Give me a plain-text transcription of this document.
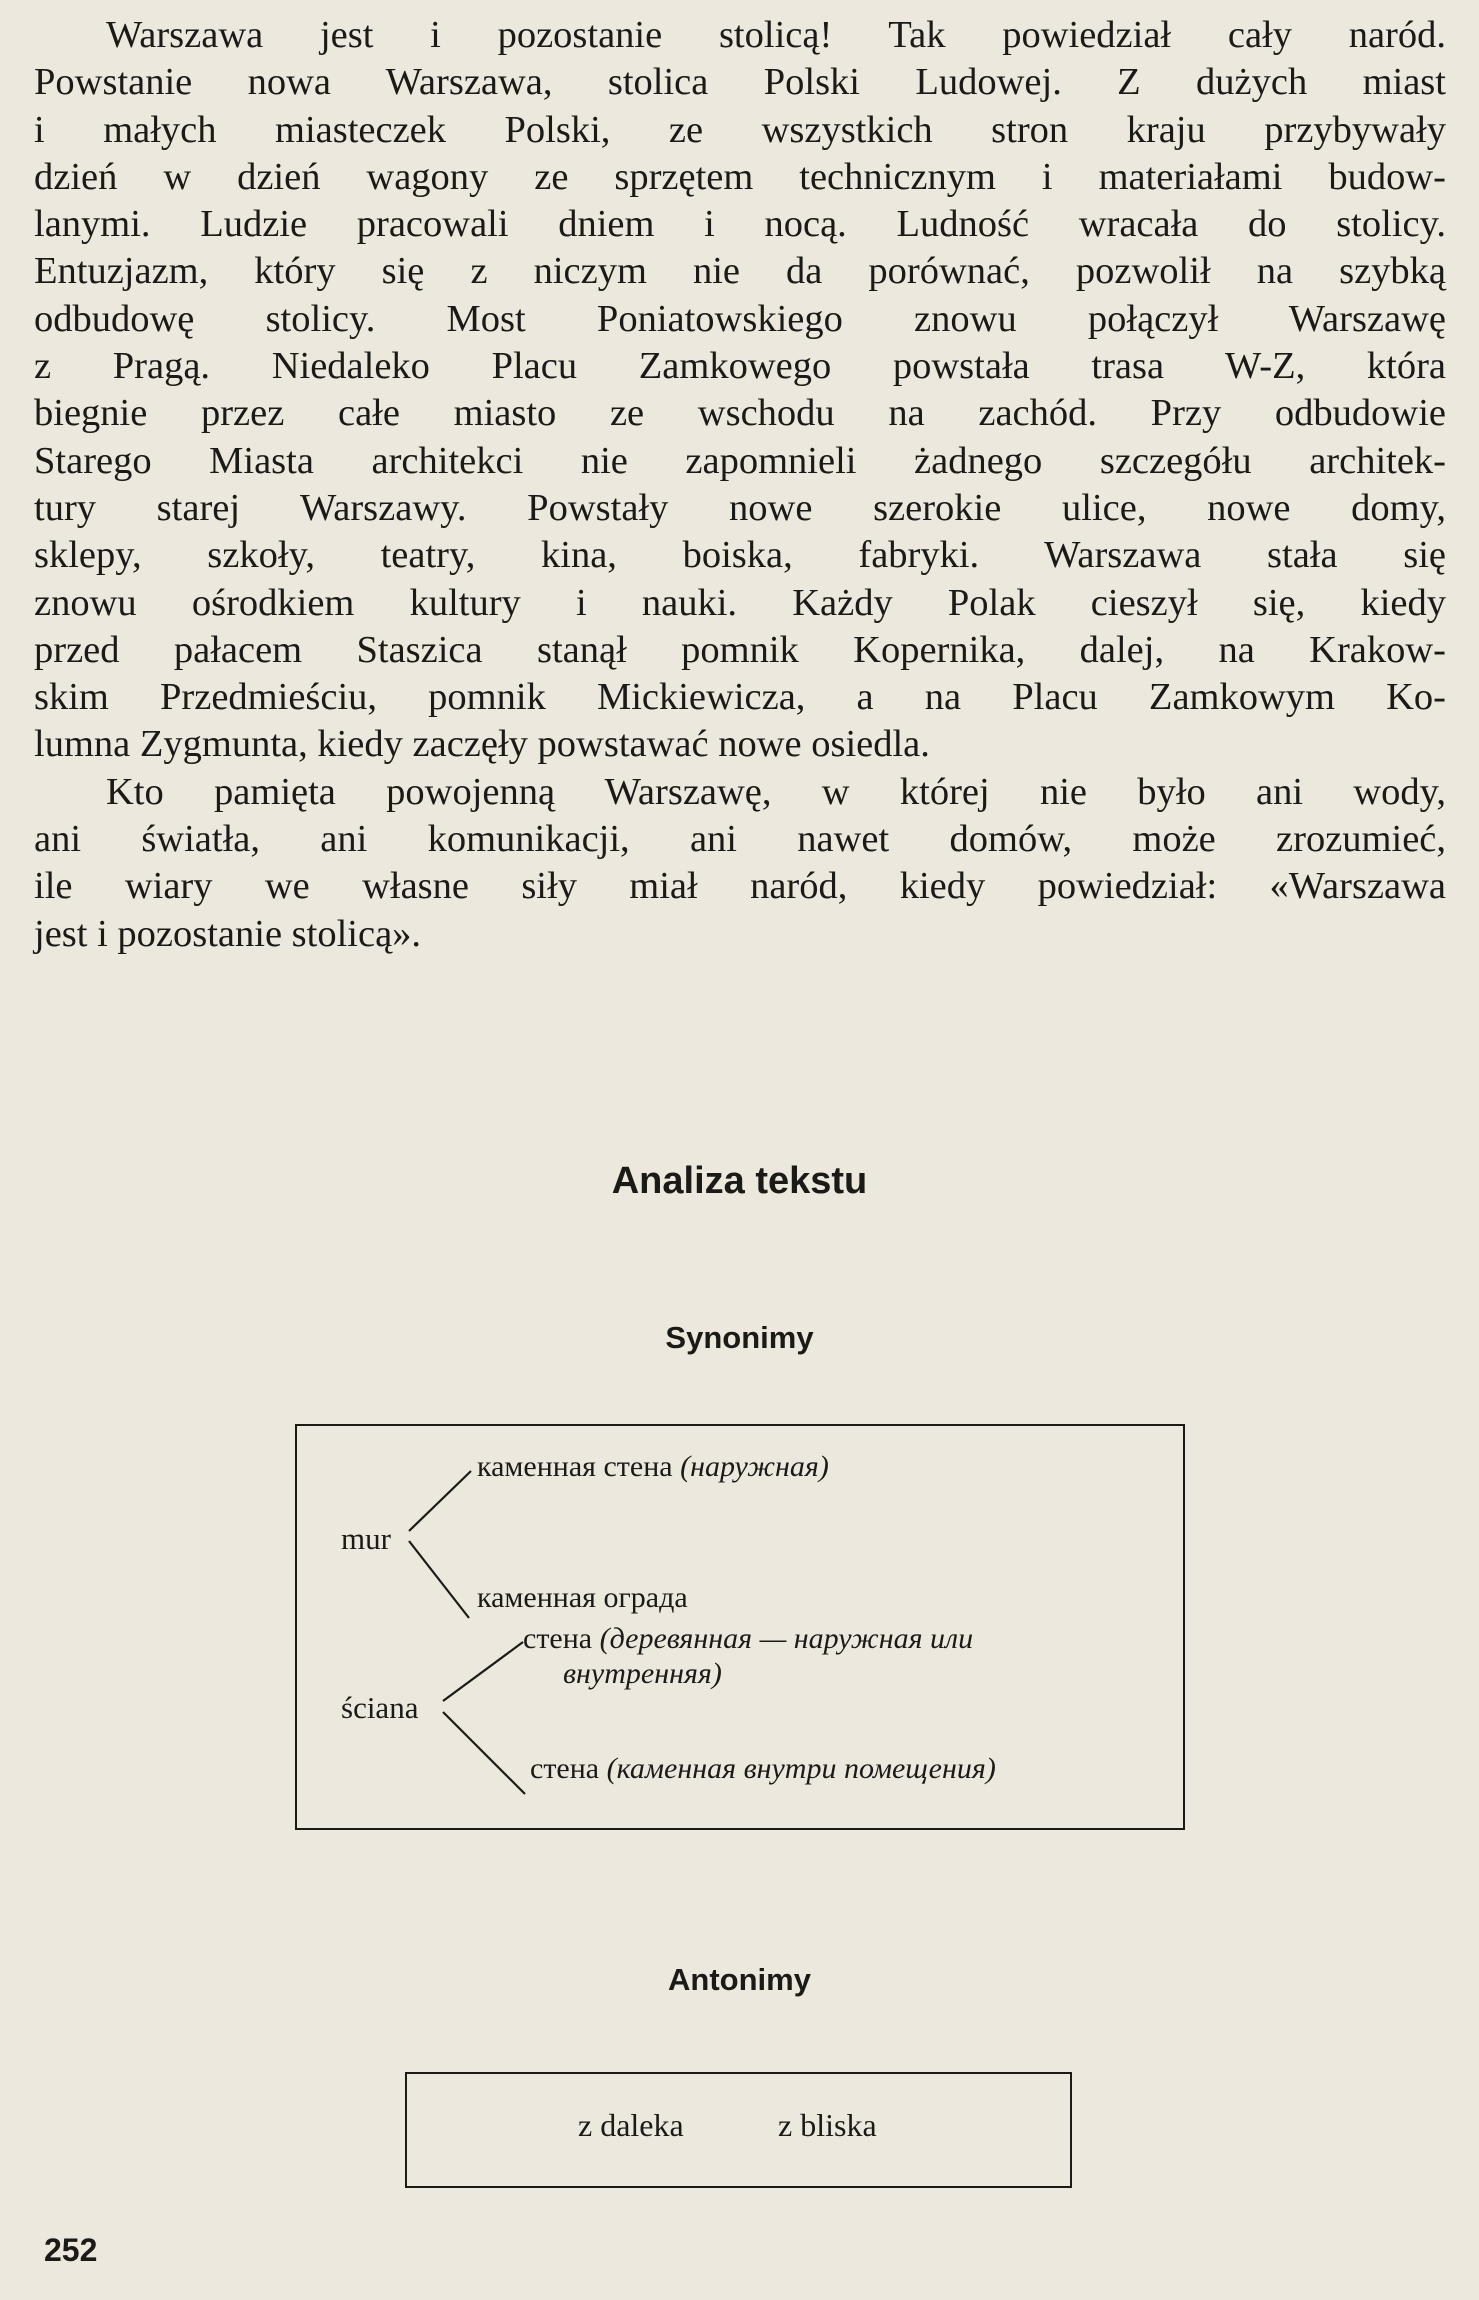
Warszawa jest i pozostanie stolicą! Tak powiedział cały naród.
Powstanie nowa Warszawa, stolica Polski Ludowej. Z dużych miast
i małych miasteczek Polski, ze wszystkich stron kraju przybywały
dzień w dzień wagony ze sprzętem technicznym i materiałami budow-
lanymi. Ludzie pracowali dniem i nocą. Ludność wracała do stolicy.
Entuzjazm, który się z niczym nie da porównać, pozwolił na szybką
odbudowę stolicy. Most Poniatowskiego znowu połączył Warszawę
z Pragą. Niedaleko Placu Zamkowego powstała trasa W-Z, która
biegnie przez całe miasto ze wschodu na zachód. Przy odbudowie
Starego Miasta architekci nie zapomnieli żadnego szczegółu architek-
tury starej Warszawy. Powstały nowe szerokie ulice, nowe domy,
sklepy, szkoły, teatry, kina, boiska, fabryki. Warszawa stała się
znowu ośrodkiem kultury i nauki. Każdy Polak cieszył się, kiedy
przed pałacem Staszica stanął pomnik Kopernika, dalej, na Krakow-
skim Przedmieściu, pomnik Mickiewicza, a na Placu Zamkowym Ko-
lumna Zygmunta, kiedy zaczęły powstawać nowe osiedla.

Kto pamięta powojenną Warszawę, w której nie było ani wody,
ani światła, ani komunikacji, ani nawet domów, może zrozumieć,
ile wiary we własne siły miał naród, kiedy powiedział: «Warszawa
jest i pozostanie stolicą».

Analiza tekstu
Synonimy
mur
каменная стена (наружная)
каменная ограда
ściana
стена (деревянная — наружная или
внутренняя)
стена (каменная внутри помещения)
Antonimy
z daleka	z bliska
252
